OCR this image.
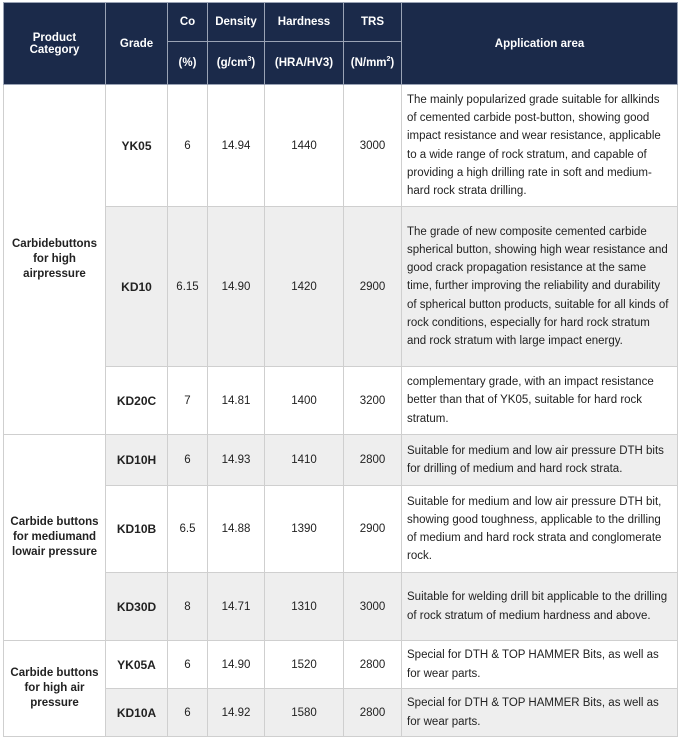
Product Category	Grade	Co	Density	Hardness	TRS	Application area
		(%)	$(g/cm^3)$	(HRA/HV3)	$(N/mm^2)$	
Carbidebuttons for high airpressure	YK05	6	14.94	1440	3000	The mainly popularized grade suitable for allkinds of cemented carbide post-button, showing good impact resistance and wear resistance, applicable to a wide range of rock stratum, and capable of providing a high drilling rate in soft and medium-hard rock strata drilling.
	KD10	6.15	14.90	1420	2900	The grade of new composite cemented carbide spherical button, showing high wear resistance and good crack propagation resistance at the same time, further improving the reliability and durability of spherical button products, suitable for all kinds of rock conditions, especially for hard rock stratum and rock stratum with large impact energy.
	KD20C	7	14.81	1400	3200	complementary grade, with an impact resistance better than that of YK05, suitable for hard rock stratum.
Carbide buttons for mediumand lowair pressure	KD10H	6	14.93	1410	2800	Suitable for medium and low air pressure DTH bits for drilling of medium and hard rock strata.
	KD10B	6.5	14.88	1390	2900	Suitable for medium and low air pressure DTH bit, showing good toughness, applicable to the drilling of medium and hard rock strata and conglomerate rock.
	KD30D	8	14.71	1310	3000	Suitable for welding drill bit applicable to the drilling of rock stratum of medium hardness and above.
Carbide buttons for high air pressure	YK05A	6	14.90	1520	2800	Special for DTH & TOP HAMMER Bits, as well as for wear parts.
	KD10A	6	14.92	1580	2800	Special for DTH & TOP HAMMER Bits, as well as for wear parts.
